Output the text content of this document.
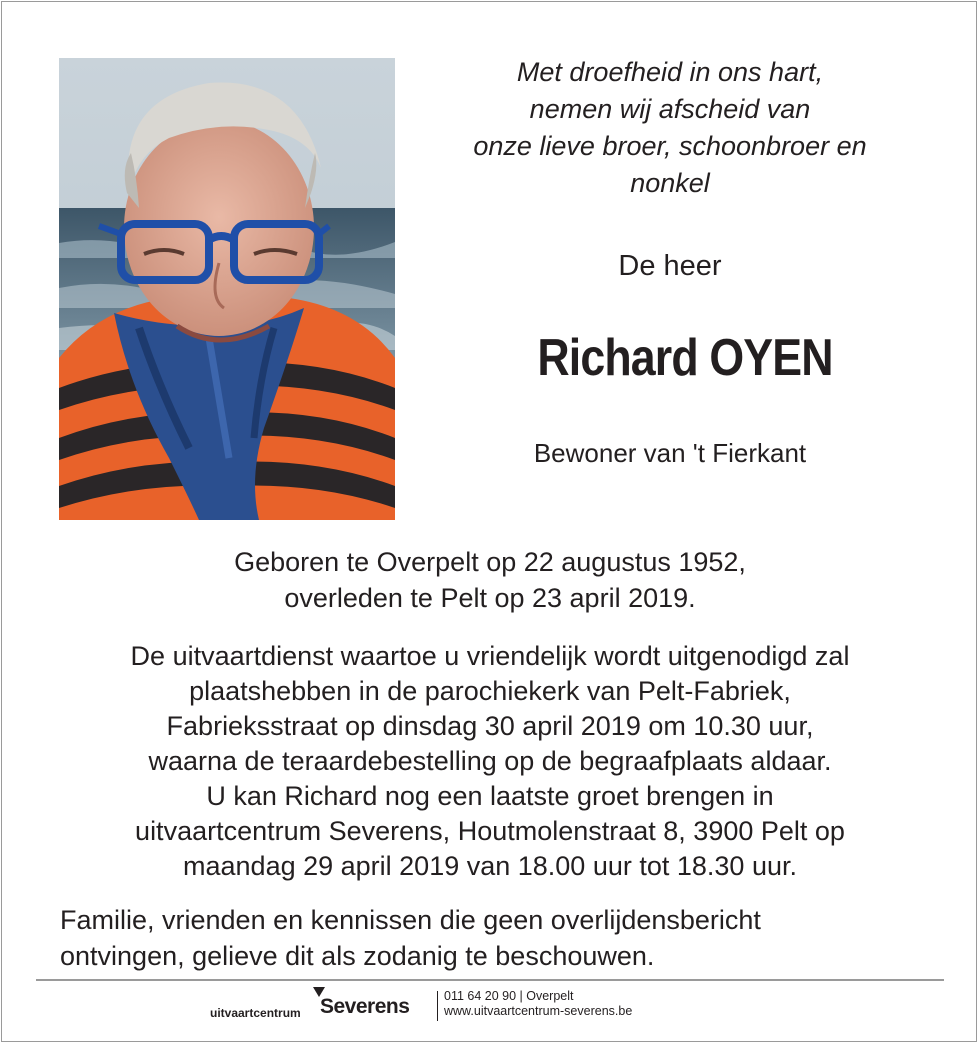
Met droefheid in ons hart,
nemen wij afscheid van
onze lieve broer, schoonbroer en
nonkel
De heer
Richard OYEN
Bewoner van 't Fierkant
Geboren te Overpelt op 22 augustus 1952,
overleden te Pelt op 23 april 2019.
De uitvaartdienst waartoe u vriendelijk wordt uitgenodigd zal
plaatshebben in de parochiekerk van Pelt-Fabriek,
Fabrieksstraat op dinsdag 30 april 2019 om 10.30 uur,
waarna de teraardebestelling op de begraafplaats aldaar.
U kan Richard nog een laatste groet brengen in
uitvaartcentrum Severens, Houtmolenstraat 8, 3900 Pelt op
maandag 29 april 2019 van 18.00 uur tot 18.30 uur.
Familie, vrienden en kennissen die geen overlijdensbericht
ontvingen, gelieve dit als zodanig te beschouwen.
uitvaartcentrum Severens	011 64 20 90 | Overpelt
www.uitvaartcentrum-severens.be
